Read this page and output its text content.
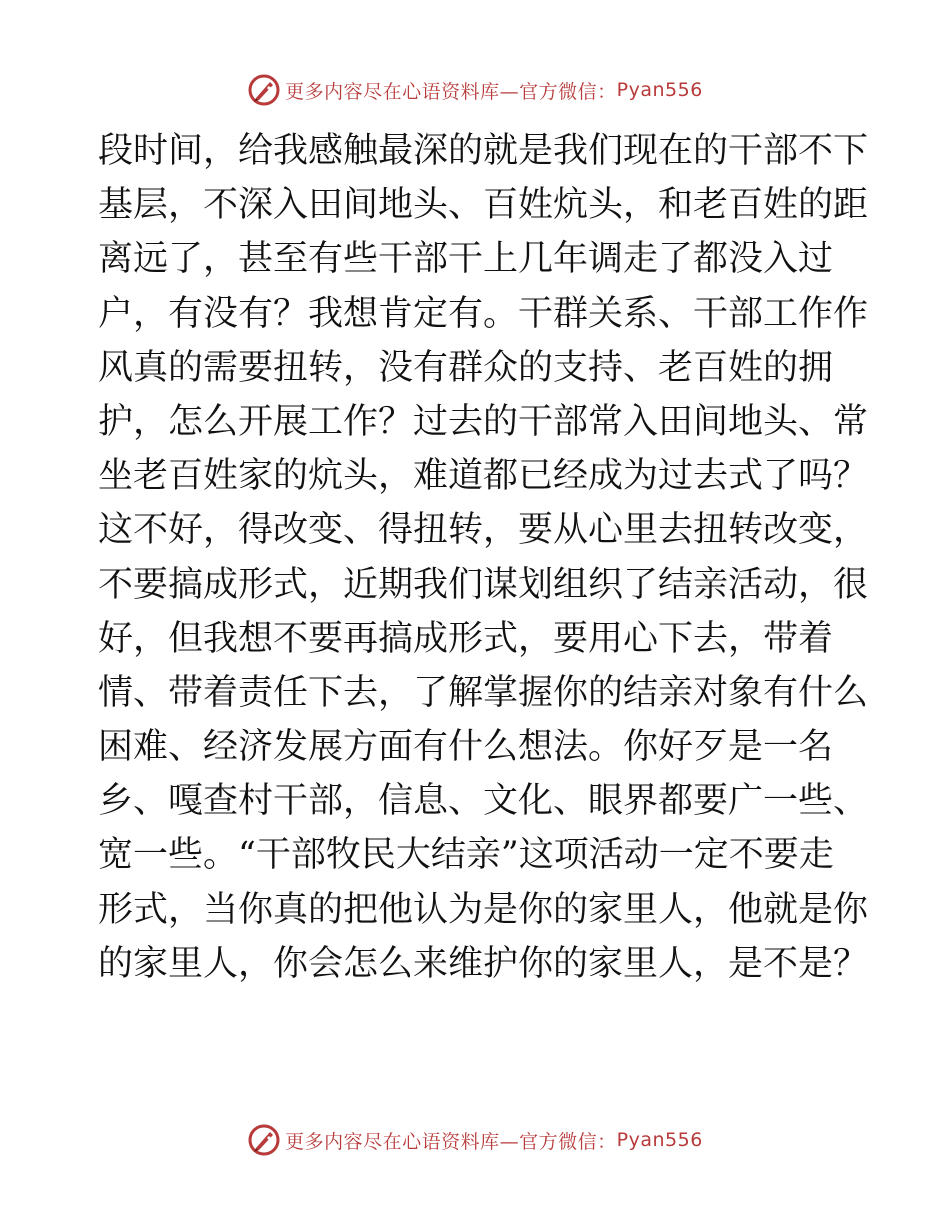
更多内容尽在心语资料库—官方微信： Pyan556
段时间，给我感触最深的就是我们现在的干部不下
基层，不深入田间地头、百姓炕头，和老百姓的距
离远了，甚至有些干部干上几年调走了都没入过
户，有没有？我想肯定有。干群关系、干部工作作
风真的需要扭转，没有群众的支持、老百姓的拥
护，怎么开展工作？过去的干部常入田间地头、常
坐老百姓家的炕头，难道都已经成为过去式了吗？
这不好，得改变、得扭转，要从心里去扭转改变，
不要搞成形式，近期我们谋划组织了结亲活动，很
好，但我想不要再搞成形式，要用心下去，带着
情、带着责任下去，了解掌握你的结亲对象有什么
困难、经济发展方面有什么想法。你好歹是一名
乡、嘎查村干部，信息、文化、眼界都要广一些、
宽一些。“干部牧民大结亲”这项活动一定不要走
形式，当你真的把他认为是你的家里人，他就是你
的家里人，你会怎么来维护你的家里人，是不是？
更多内容尽在心语资料库—官方微信： Pyan556
